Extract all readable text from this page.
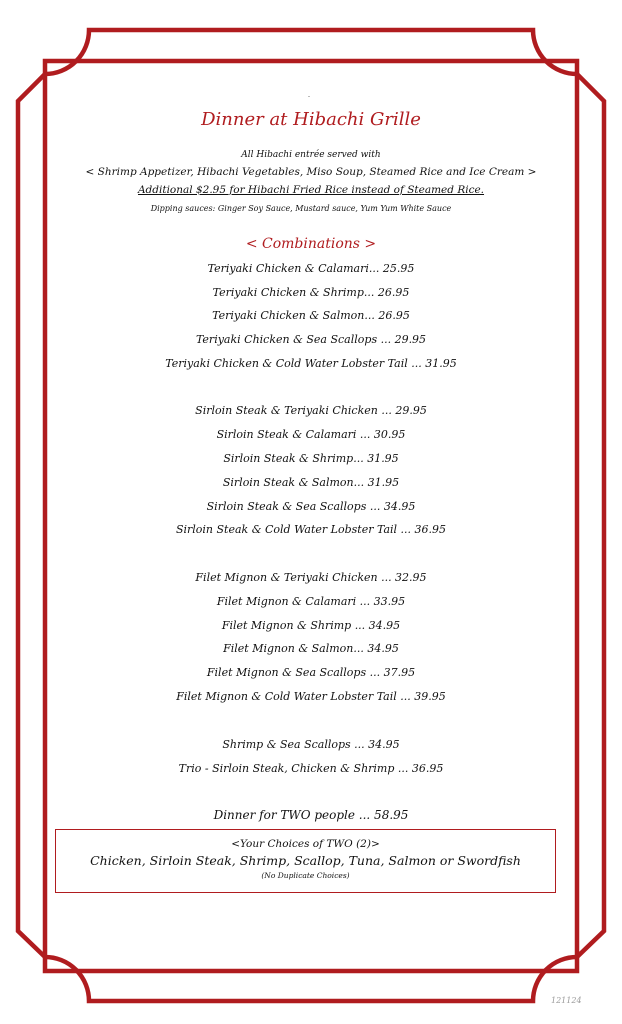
Dinner at Hibachi Grille

All Hibachi entrée served with

< Shrimp Appetizer, Hibachi Vegetables, Miso Soup, Steamed Rice and Ice Cream >

Additional $2.95 for Hibachi Fried Rice instead of Steamed Rice.

Dipping sauces: Ginger Soy Sauce, Mustard sauce, Yum Yum White Sauce

< Combinations >

Teriyaki Chicken & Calamari... 25.95

Teriyaki Chicken & Shrimp... 26.95

Teriyaki Chicken & Salmon... 26.95

Teriyaki Chicken & Sea Scallops ... 29.95

Teriyaki Chicken & Cold Water Lobster Tail ... 31.95

Sirloin Steak & Teriyaki Chicken ... 29.95

Sirloin Steak & Calamari ... 30.95

Sirloin Steak & Shrimp... 31.95

Sirloin Steak & Salmon... 31.95

Sirloin Steak & Sea Scallops ... 34.95

Sirloin Steak & Cold Water Lobster Tail ... 36.95

Filet Mignon & Teriyaki Chicken ... 32.95

Filet Mignon & Calamari ... 33.95

Filet Mignon & Shrimp ... 34.95

Filet Mignon & Salmon... 34.95

Filet Mignon & Sea Scallops ... 37.95

Filet Mignon & Cold Water Lobster Tail ... 39.95

Shrimp & Sea Scallops ... 34.95

Trio - Sirloin Steak, Chicken & Shrimp ... 36.95

Dinner for TWO people ... 58.95

<Your Choices of TWO (2)>

Chicken, Sirloin Steak, Shrimp, Scallop, Tuna, Salmon or Swordfish

(No Duplicate Choices)

121124
